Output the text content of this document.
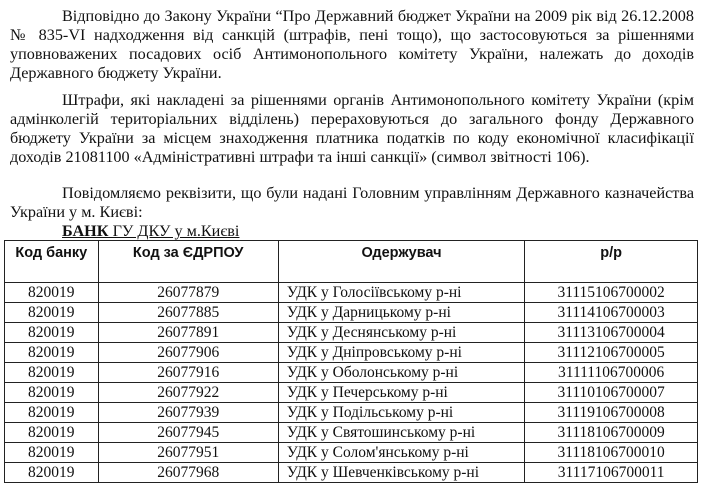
Відповідно до Закону України “Про Державний бюджет України на 2009 рік від 26.12.2008 № 835-VI надходження від санкцій (штрафів, пені тощо), що застосовуються за рішеннями уповноважених посадових осіб Антимонопольного комітету України, належать до доходів Державного бюджету України.

Штрафи, які накладені за рішеннями органів Антимонопольного комітету України (крім адмінколегій територіальних відділень) перераховуються до загального фонду Державного бюджету України за місцем знаходження платника податків по коду економічної класифікації доходів 21081100 «Адміністративні штрафи та інші санкції» (символ звітності 106).

Повідомляємо реквізити, що були надані Головним управлінням Державного казначейства України у м. Києві:

БАНК ГУ ДКУ у м.Києві
Код банку	Код за ЄДРПОУ	Одержувач	р/р
820019	26077879	УДК у Голосіївському р-ні	31115106700002
820019	26077885	УДК у Дарницькому р-ні	31114106700003
820019	26077891	УДК у Деснянському р-ні	31113106700004
820019	26077906	УДК у Дніпровському р-ні	31112106700005
820019	26077916	УДК у Оболонському р-ні	31111106700006
820019	26077922	УДК у Печерському р-ні	31110106700007
820019	26077939	УДК у Подільському р-ні	31119106700008
820019	26077945	УДК у Святошинському р-ні	31118106700009
820019	26077951	УДК у Солом'янському р-ні	31118106700010
820019	26077968	УДК у Шевченківському р-ні	31117106700011
